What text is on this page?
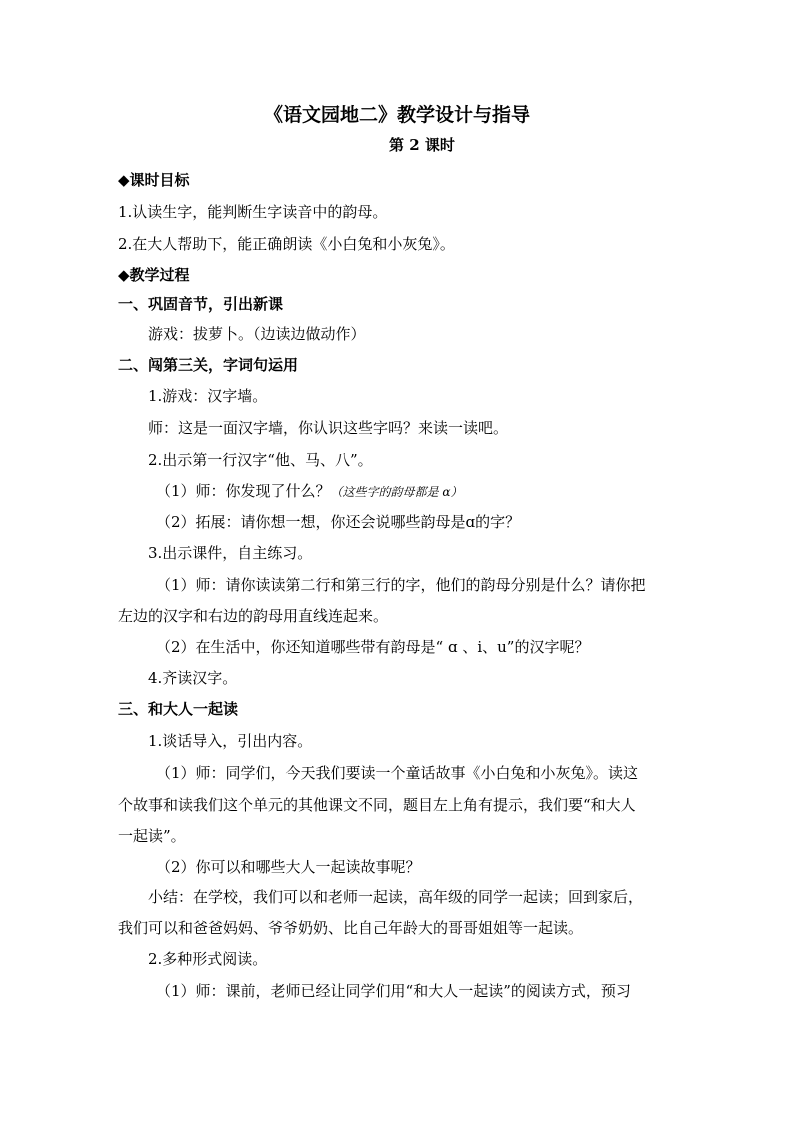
《语文园地二》教学设计与指导
第 2 课时
◆课时目标
1.认读生字，能判断生字读音中的韵母。
2.在大人帮助下，能正确朗读《小白兔和小灰兔》。
◆教学过程
一、巩固音节，引出新课
游戏：拔萝卜。（边读边做动作）
二、闯第三关，字词句运用
1.游戏：汉字墙。
师：这是一面汉字墙，你认识这些字吗？来读一读吧。
2.出示第一行汉字“他、马、八”。
（1）师：你发现了什么？（这些字的韵母都是 ɑ）
（2）拓展：请你想一想，你还会说哪些韵母是ɑ的字？
3.出示课件，自主练习。
（1）师：请你读读第二行和第三行的字，他们的韵母分别是什么？请你把
左边的汉字和右边的韵母用直线连起来。
（2）在生活中，你还知道哪些带有韵母是“ ɑ 、i、u”的汉字呢？
4.齐读汉字。
三、和大人一起读
1.谈话导入，引出内容。
（1）师：同学们，今天我们要读一个童话故事《小白兔和小灰兔》。读这
个故事和读我们这个单元的其他课文不同，题目左上角有提示，我们要“和大人
一起读”。
（2）你可以和哪些大人一起读故事呢？
小结：在学校，我们可以和老师一起读，高年级的同学一起读；回到家后，
我们可以和爸爸妈妈、爷爷奶奶、比自己年龄大的哥哥姐姐等一起读。
2.多种形式阅读。
（1）师：课前，老师已经让同学们用“和大人一起读”的阅读方式，预习
